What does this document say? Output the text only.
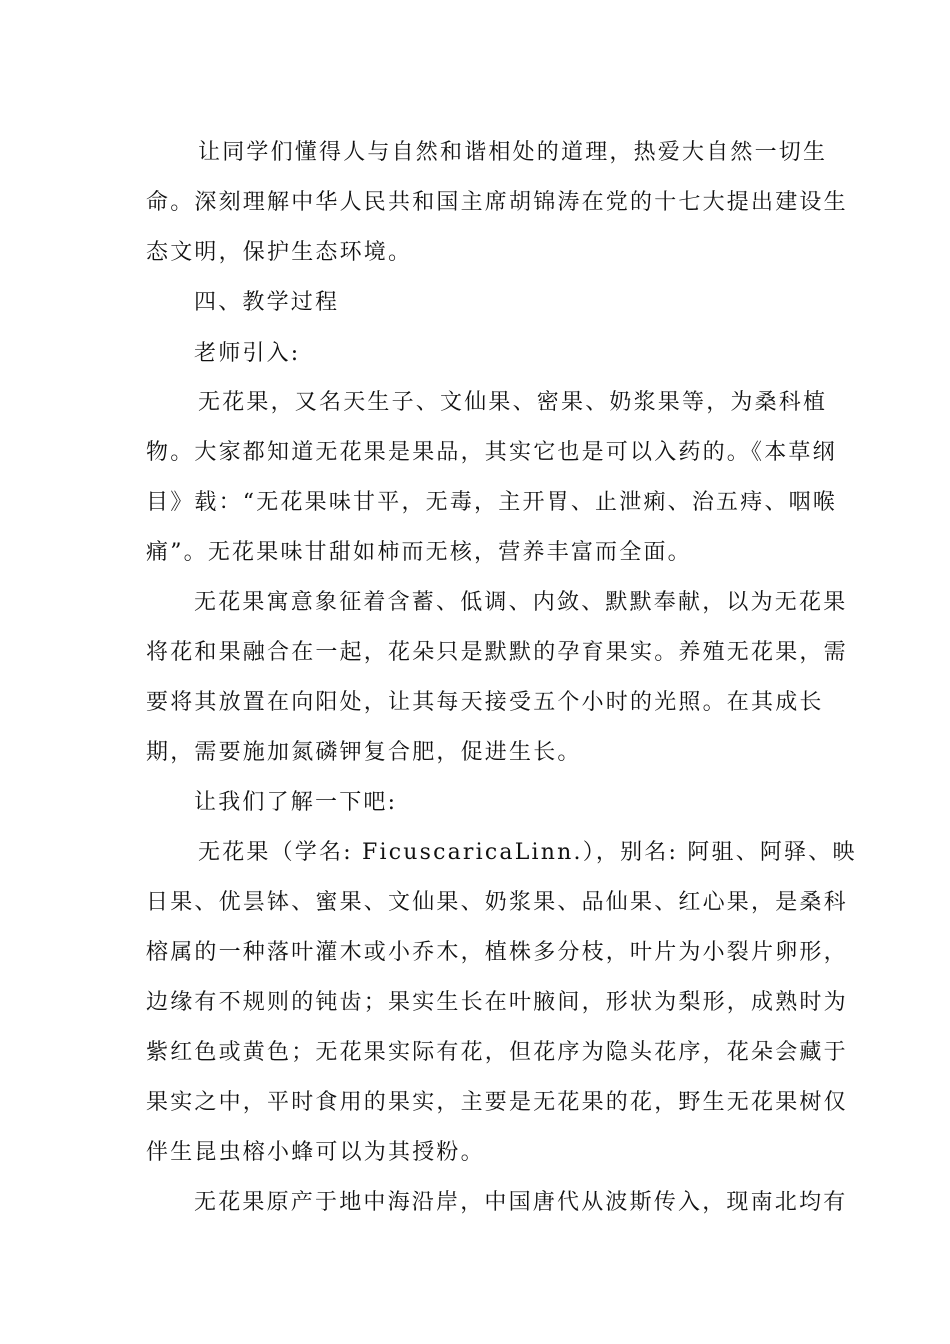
让同学们懂得人与自然和谐相处的道理，热爱大自然一切生
命。深刻理解中华人民共和国主席胡锦涛在党的十七大提出建设生
态文明，保护生态环境。
四、教学过程
老师引入:
无花果，又名天生子、文仙果、密果、奶浆果等，为桑科植
物。大家都知道无花果是果品，其实它也是可以入药的。《本草纲
目》载：“无花果味甘平，无毒，主开胃、止泄痢、治五痔、咽喉
痛”。无花果味甘甜如柿而无核，营养丰富而全面。
无花果寓意象征着含蓄、低调、内敛、默默奉献，以为无花果
将花和果融合在一起，花朵只是默默的孕育果实。养殖无花果，需
要将其放置在向阳处，让其每天接受五个小时的光照。在其成长
期，需要施加氮磷钾复合肥，促进生长。
让我们了解一下吧:
无花果（学名: FicuscaricaLinn.），别名: 阿驵、阿驿、映
日果、优昙钵、蜜果、文仙果、奶浆果、品仙果、红心果，是桑科
榕属的一种落叶灌木或小乔木，植株多分枝，叶片为小裂片卵形，
边缘有不规则的钝齿；果实生长在叶腋间，形状为梨形，成熟时为
紫红色或黄色；无花果实际有花，但花序为隐头花序，花朵会藏于
果实之中，平时食用的果实，主要是无花果的花，野生无花果树仅
伴生昆虫榕小蜂可以为其授粉。
无花果原产于地中海沿岸，中国唐代从波斯传入，现南北均有
